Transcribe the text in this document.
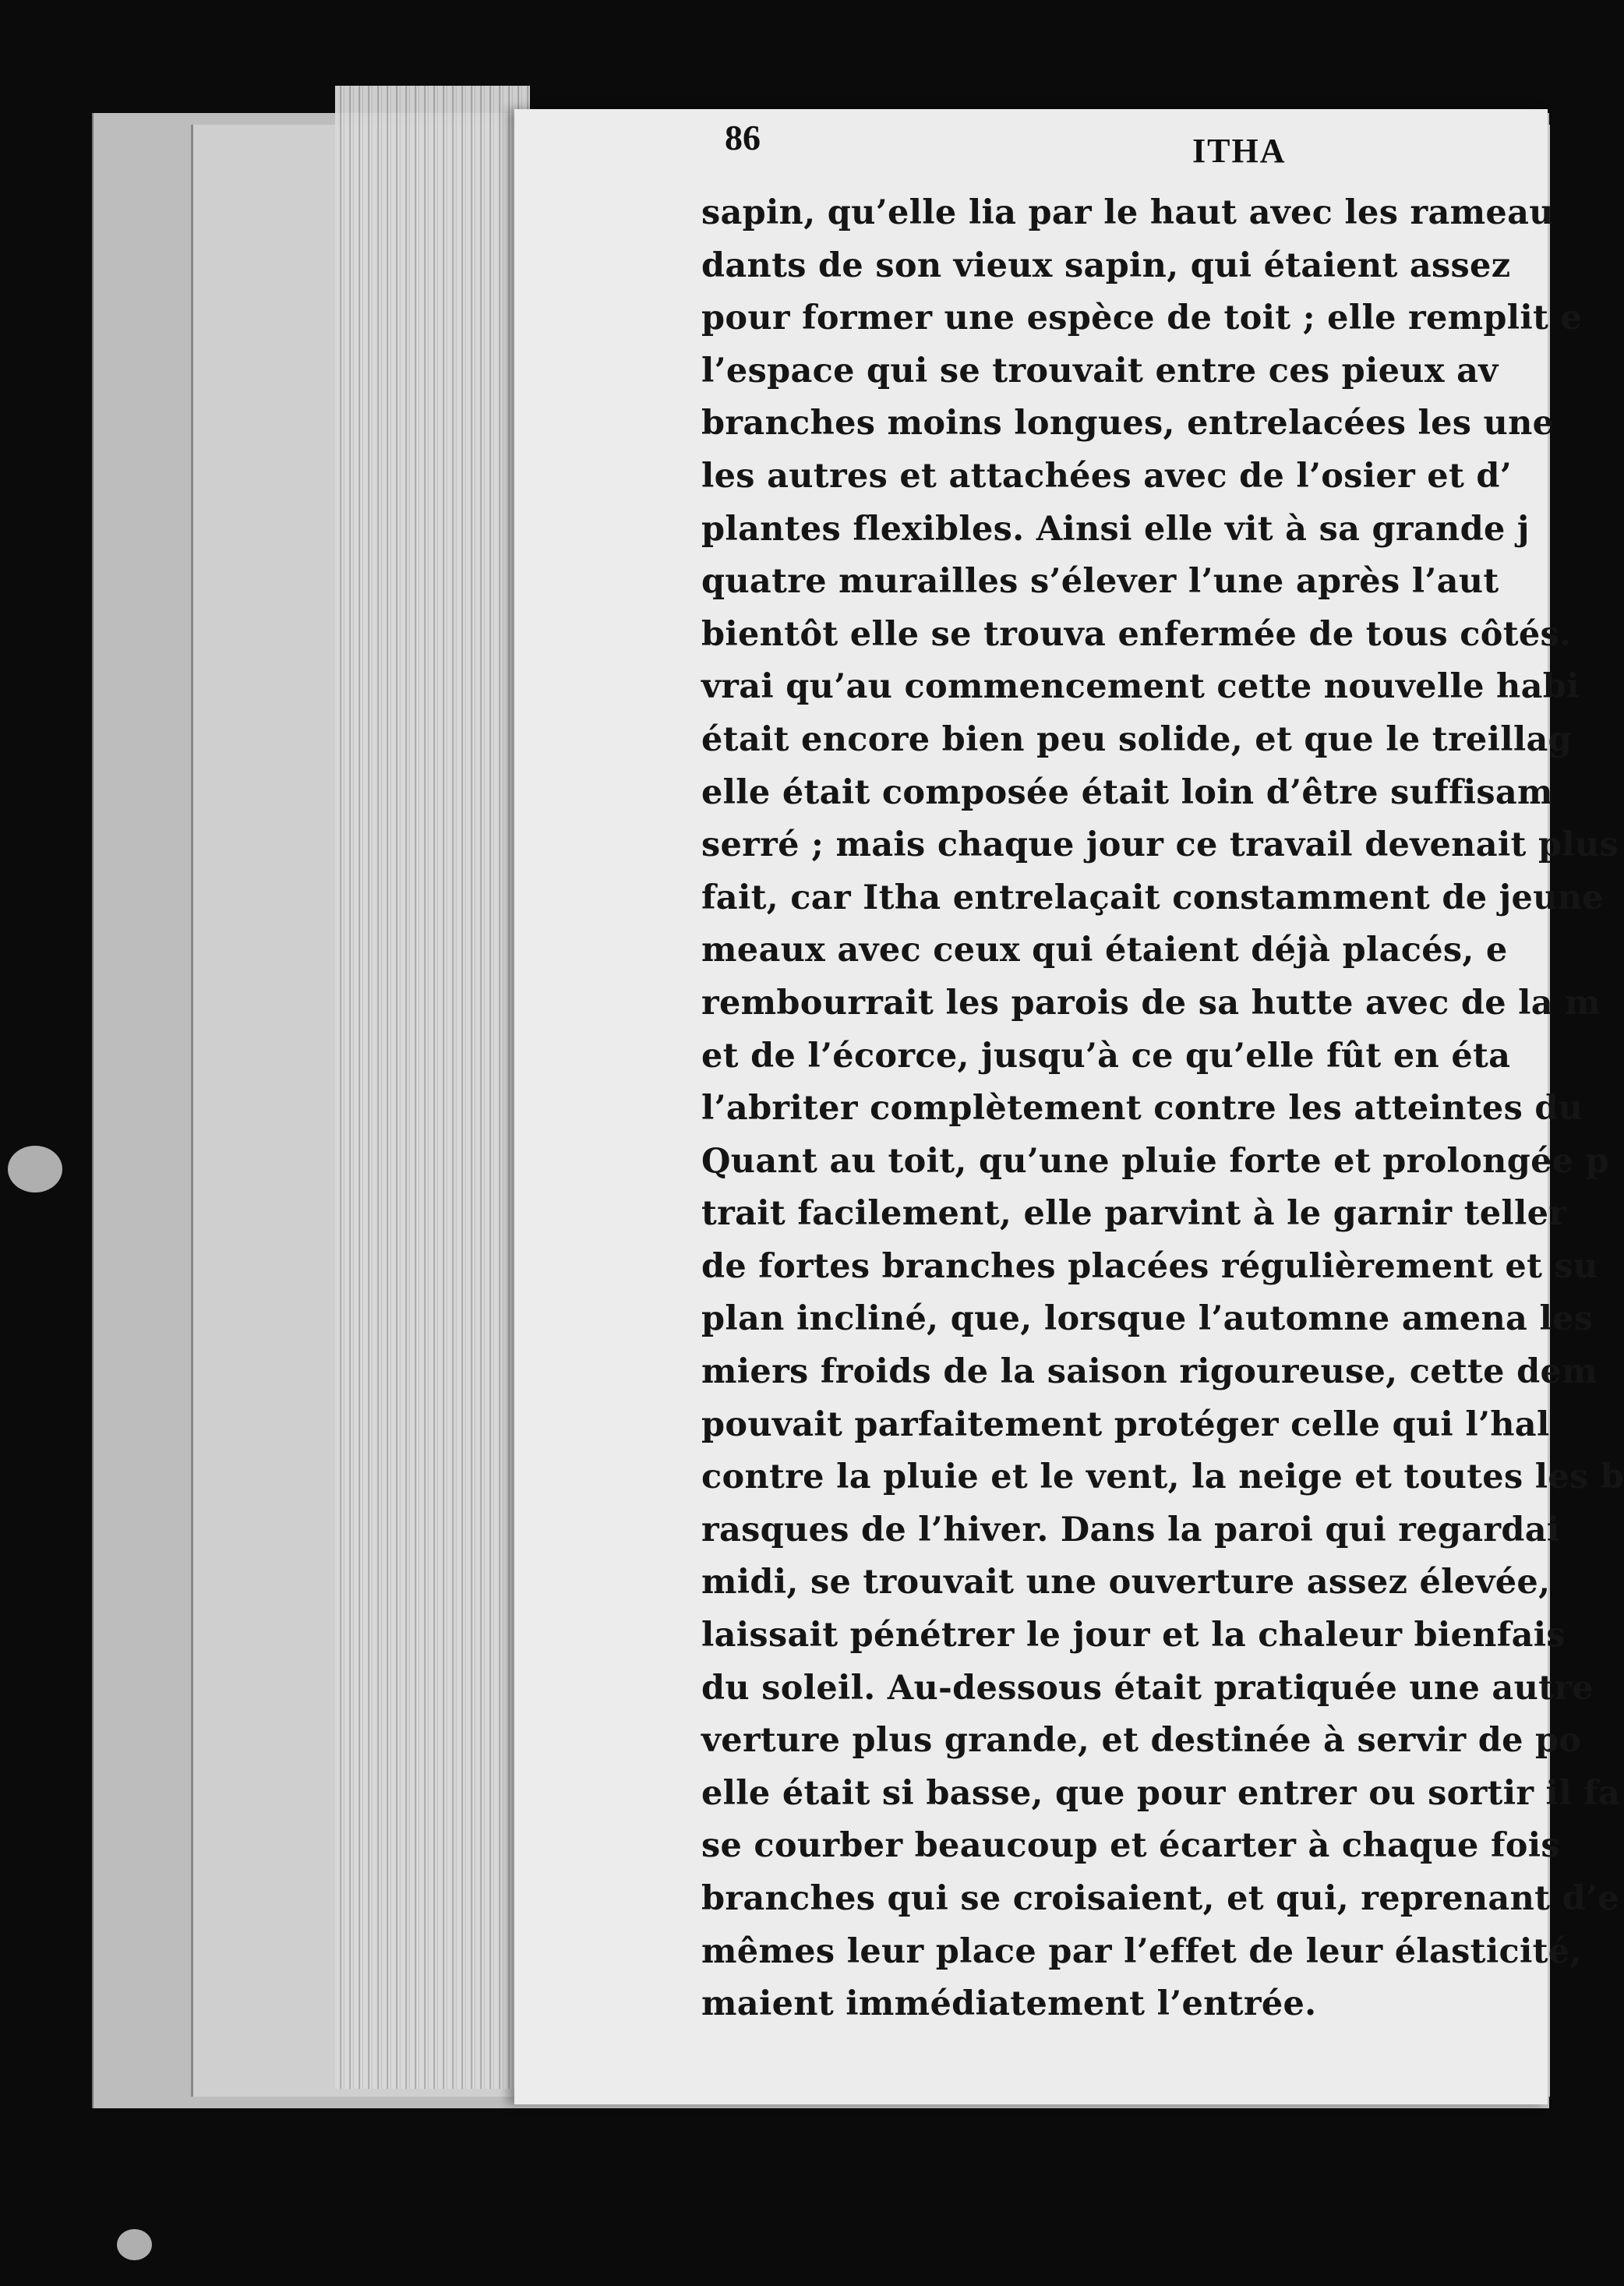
86	ITHA
sapin, qu’elle lia par le haut avec les rameau
dants de son vieux sapin, qui étaient assez
pour former une espèce de toit ; elle remplit e
l’espace qui se trouvait entre ces pieux av
branches moins longues, entrelacées les une
les autres et attachées avec de l’osier et d’
plantes flexibles. Ainsi elle vit à sa grande j
quatre murailles s’élever l’une après l’aut
bientôt elle se trouva enfermée de tous côtés.
vrai qu’au commencement cette nouvelle habi
était encore bien peu solide, et que le treillag
elle était composée était loin d’être suffisam
serré ; mais chaque jour ce travail devenait plus
fait, car Itha entrelaçait constamment de jeune
meaux avec ceux qui étaient déjà placés, e
rembourrait les parois de sa hutte avec de la m
et de l’écorce, jusqu’à ce qu’elle fût en éta
l’abriter complètement contre les atteintes du
Quant au toit, qu’une pluie forte et prolongée p
trait facilement, elle parvint à le garnir teller
de fortes branches placées régulièrement et su
plan incliné, que, lorsque l’automne amena les
miers froids de la saison rigoureuse, cette dem
pouvait parfaitement protéger celle qui l’hal
contre la pluie et le vent, la neige et toutes les b
rasques de l’hiver. Dans la paroi qui regardai
midi, se trouvait une ouverture assez élevée,
laissait pénétrer le jour et la chaleur bienfais
du soleil. Au-dessous était pratiquée une autre
verture plus grande, et destinée à servir de po
elle était si basse, que pour entrer ou sortir il fa
se courber beaucoup et écarter à chaque fois
branches qui se croisaient, et qui, reprenant d’e
mêmes leur place par l’effet de leur élasticité,
maient immédiatement l’entrée.
